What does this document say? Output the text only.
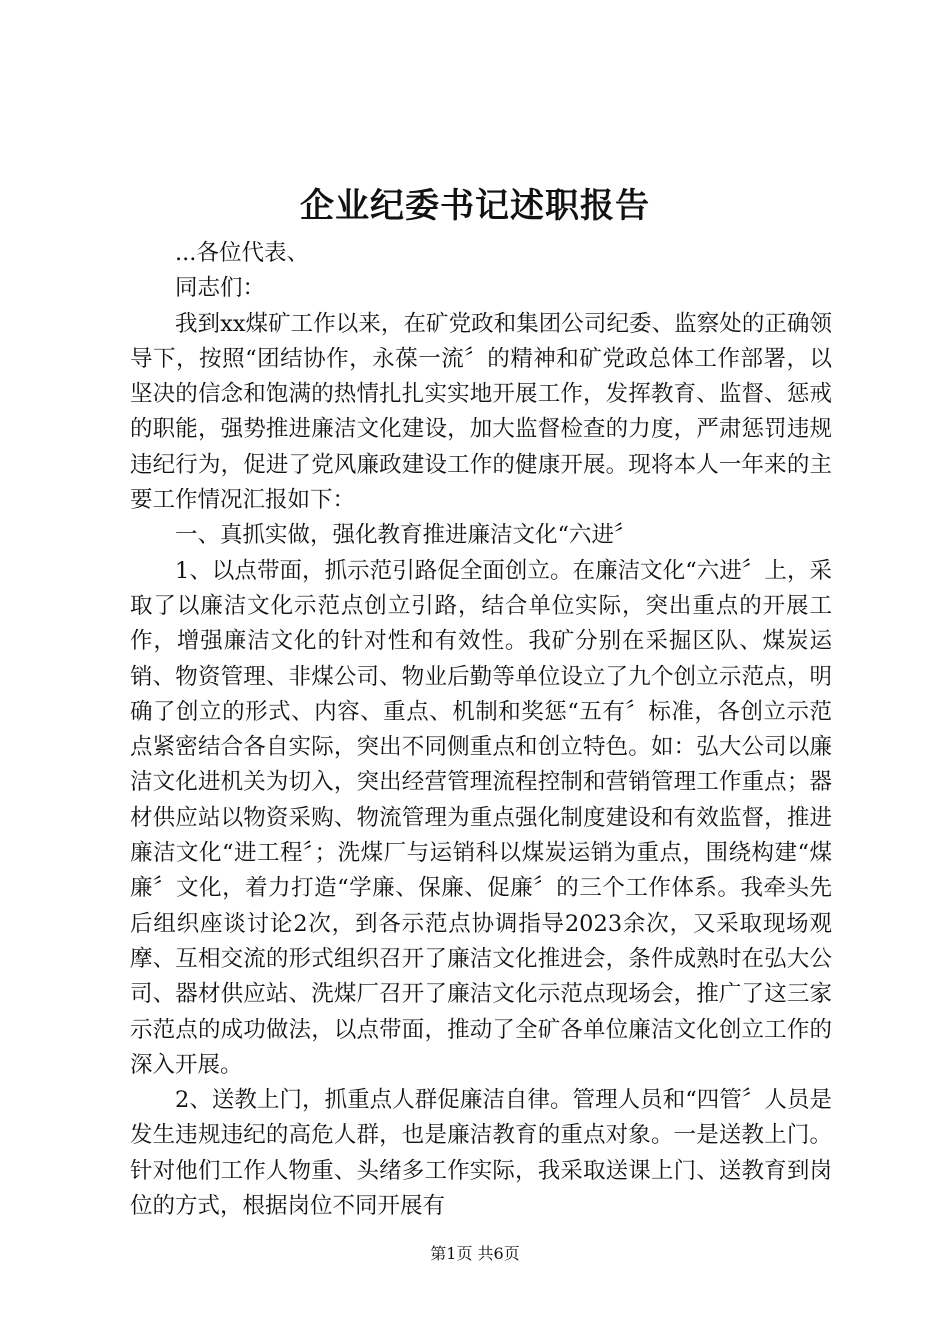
企业纪委书记述职报告

...各位代表、

同志们：

我到xx煤矿工作以来，在矿党政和集团公司纪委、监察处的正确领导下，按照“团结协作，永葆一流〞的精神和矿党政总体工作部署，以坚决的信念和饱满的热情扎扎实实地开展工作，发挥教育、监督、惩戒的职能，强势推进廉洁文化建设，加大监督检查的力度，严肃惩罚违规违纪行为，促进了党风廉政建设工作的健康开展。现将本人一年来的主要工作情况汇报如下：

一、真抓实做，强化教育推进廉洁文化“六进〞

1、以点带面，抓示范引路促全面创立。在廉洁文化“六进〞上，采取了以廉洁文化示范点创立引路，结合单位实际，突出重点的开展工作，增强廉洁文化的针对性和有效性。我矿分别在采掘区队、煤炭运销、物资管理、非煤公司、物业后勤等单位设立了九个创立示范点，明确了创立的形式、内容、重点、机制和奖惩“五有〞标准，各创立示范点紧密结合各自实际，突出不同侧重点和创立特色。如：弘大公司以廉洁文化进机关为切入，突出经营管理流程控制和营销管理工作重点；器材供应站以物资采购、物流管理为重点强化制度建设和有效监督，推进廉洁文化“进工程〞；洗煤厂与运销科以煤炭运销为重点，围绕构建“煤廉〞文化，着力打造“学廉、保廉、促廉〞的三个工作体系。我牵头先后组织座谈讨论2次，到各示范点协调指导2023余次，又采取现场观摩、互相交流的形式组织召开了廉洁文化推进会，条件成熟时在弘大公司、器材供应站、洗煤厂召开了廉洁文化示范点现场会，推广了这三家示范点的成功做法，以点带面，推动了全矿各单位廉洁文化创立工作的深入开展。

2、送教上门，抓重点人群促廉洁自律。管理人员和“四管〞人员是发生违规违纪的高危人群，也是廉洁教育的重点对象。一是送教上门。针对他们工作人物重、头绪多工作实际，我采取送课上门、送教育到岗位的方式，根据岗位不同开展有

第1页 共6页
